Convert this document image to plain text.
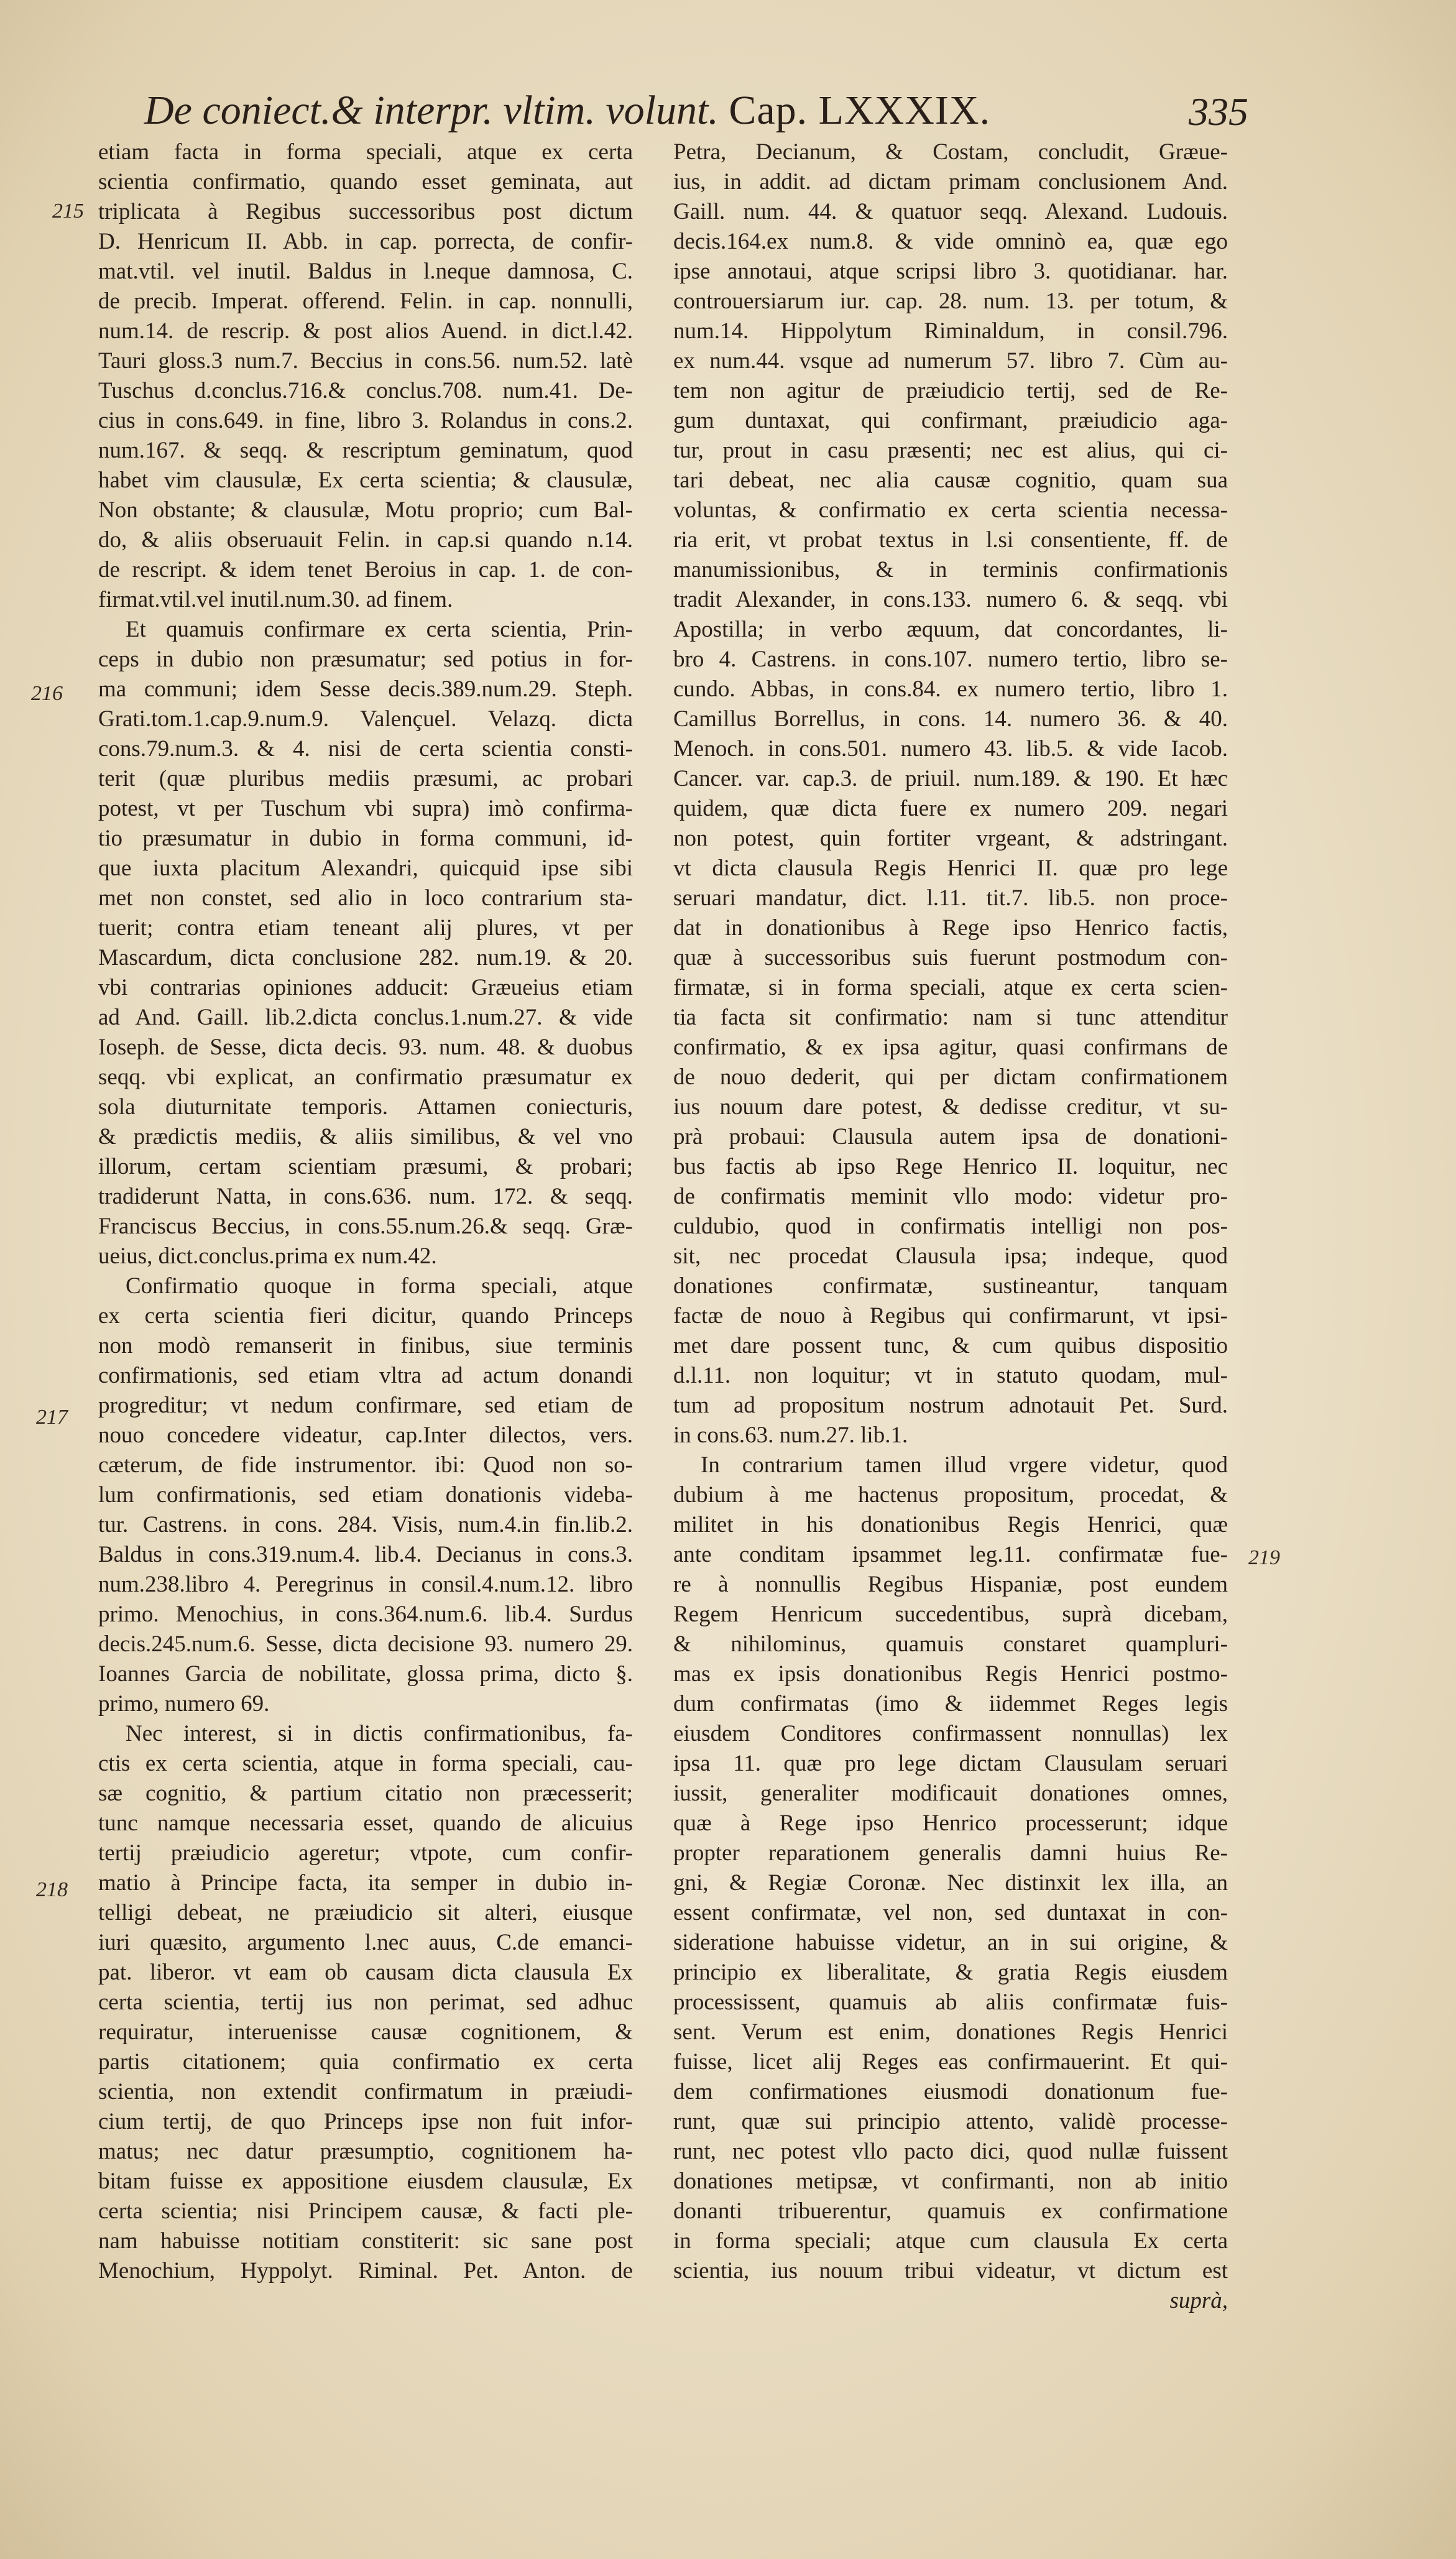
De coniect.& interpr. vltim. volunt. Cap. LXXXIX.	335
215
216
217
218
219
etiam facta in forma speciali, atque ex certa
scientia confirmatio, quando esset geminata, aut
triplicata à Regibus successoribus post dictum
D. Henricum II. Abb. in cap. porrecta, de confir-
mat.vtil. vel inutil. Baldus in l.neque damnosa, C.
de precib. Imperat. offerend. Felin. in cap. nonnulli,
num.14. de rescrip. & post alios Auend. in dict.l.42.
Tauri gloss.3 num.7. Beccius in cons.56. num.52. latè
Tuschus d.conclus.716.& conclus.708. num.41. De-
cius in cons.649. in fine, libro 3. Rolandus in cons.2.
num.167. & seqq. & rescriptum geminatum, quod
habet vim clausulæ, Ex certa scientia; & clausulæ,
Non obstante; & clausulæ, Motu proprio; cum Bal-
do, & aliis obseruauit Felin. in cap.si quando n.14.
de rescript. & idem tenet Beroius in cap. 1. de con-
firmat.vtil.vel inutil.num.30. ad finem.
Et quamuis confirmare ex certa scientia, Prin-
ceps in dubio non præsumatur; sed potius in for-
ma communi; idem Sesse decis.389.num.29. Steph.
Grati.tom.1.cap.9.num.9. Valençuel. Velazq. dicta
cons.79.num.3. & 4. nisi de certa scientia consti-
terit (quæ pluribus mediis præsumi, ac probari
potest, vt per Tuschum vbi supra) imò confirma-
tio præsumatur in dubio in forma communi, id-
que iuxta placitum Alexandri, quicquid ipse sibi
met non constet, sed alio in loco contrarium sta-
tuerit; contra etiam teneant alij plures, vt per
Mascardum, dicta conclusione 282. num.19. & 20.
vbi contrarias opiniones adducit: Græueius etiam
ad And. Gaill. lib.2.dicta conclus.1.num.27. & vide
Ioseph. de Sesse, dicta decis. 93. num. 48. & duobus
seqq. vbi explicat, an confirmatio præsumatur ex
sola diuturnitate temporis. Attamen coniecturis,
& prædictis mediis, & aliis similibus, & vel vno
illorum, certam scientiam præsumi, & probari;
tradiderunt Natta, in cons.636. num. 172. & seqq.
Franciscus Beccius, in cons.55.num.26.& seqq. Græ-
ueius, dict.conclus.prima ex num.42.
Confirmatio quoque in forma speciali, atque
ex certa scientia fieri dicitur, quando Princeps
non modò remanserit in finibus, siue terminis
confirmationis, sed etiam vltra ad actum donandi
progreditur; vt nedum confirmare, sed etiam de
nouo concedere videatur, cap.Inter dilectos, vers.
cæterum, de fide instrumentor. ibi: Quod non so-
lum confirmationis, sed etiam donationis videba-
tur. Castrens. in cons. 284. Visis, num.4.in fin.lib.2.
Baldus in cons.319.num.4. lib.4. Decianus in cons.3.
num.238.libro 4. Peregrinus in consil.4.num.12. libro
primo. Menochius, in cons.364.num.6. lib.4. Surdus
decis.245.num.6. Sesse, dicta decisione 93. numero 29.
Ioannes Garcia de nobilitate, glossa prima, dicto §.
primo, numero 69.
Nec interest, si in dictis confirmationibus, fa-
ctis ex certa scientia, atque in forma speciali, cau-
sæ cognitio, & partium citatio non præcesserit;
tunc namque necessaria esset, quando de alicuius
tertij præiudicio ageretur; vtpote, cum confir-
matio à Principe facta, ita semper in dubio in-
telligi debeat, ne præiudicio sit alteri, eiusque
iuri quæsito, argumento l.nec auus, C.de emanci-
pat. liberor. vt eam ob causam dicta clausula Ex
certa scientia, tertij ius non perimat, sed adhuc
requiratur, interuenisse causæ cognitionem, &
partis citationem; quia confirmatio ex certa
scientia, non extendit confirmatum in præiudi-
cium tertij, de quo Princeps ipse non fuit infor-
matus; nec datur præsumptio, cognitionem ha-
bitam fuisse ex appositione eiusdem clausulæ, Ex
certa scientia; nisi Principem causæ, & facti ple-
nam habuisse notitiam constiterit: sic sane post
Menochium, Hyppolyt. Riminal. Pet. Anton. de
Petra, Decianum, & Costam, concludit, Græue-
ius, in addit. ad dictam primam conclusionem And.
Gaill. num. 44. & quatuor seqq. Alexand. Ludouis.
decis.164.ex num.8. & vide omninò ea, quæ ego
ipse annotaui, atque scripsi libro 3. quotidianar. har.
controuersiarum iur. cap. 28. num. 13. per totum, &
num.14. Hippolytum Riminaldum, in consil.796.
ex num.44. vsque ad numerum 57. libro 7. Cùm au-
tem non agitur de præiudicio tertij, sed de Re-
gum duntaxat, qui confirmant, præiudicio aga-
tur, prout in casu præsenti; nec est alius, qui ci-
tari debeat, nec alia causæ cognitio, quam sua
voluntas, & confirmatio ex certa scientia necessa-
ria erit, vt probat textus in l.si consentiente, ff. de
manumissionibus, & in terminis confirmationis
tradit Alexander, in cons.133. numero 6. & seqq. vbi
Apostilla; in verbo æquum, dat concordantes, li-
bro 4. Castrens. in cons.107. numero tertio, libro se-
cundo. Abbas, in cons.84. ex numero tertio, libro 1.
Camillus Borrellus, in cons. 14. numero 36. & 40.
Menoch. in cons.501. numero 43. lib.5. & vide Iacob.
Cancer. var. cap.3. de priuil. num.189. & 190. Et hæc
quidem, quæ dicta fuere ex numero 209. negari
non potest, quin fortiter vrgeant, & adstringant.
vt dicta clausula Regis Henrici II. quæ pro lege
seruari mandatur, dict. l.11. tit.7. lib.5. non proce-
dat in donationibus à Rege ipso Henrico factis,
quæ à successoribus suis fuerunt postmodum con-
firmatæ, si in forma speciali, atque ex certa scien-
tia facta sit confirmatio: nam si tunc attenditur
confirmatio, & ex ipsa agitur, quasi confirmans de
de nouo dederit, qui per dictam confirmationem
ius nouum dare potest, & dedisse creditur, vt su-
prà probaui: Clausula autem ipsa de donationi-
bus factis ab ipso Rege Henrico II. loquitur, nec
de confirmatis meminit vllo modo: videtur pro-
culdubio, quod in confirmatis intelligi non pos-
sit, nec procedat Clausula ipsa; indeque, quod
donationes confirmatæ, sustineantur, tanquam
factæ de nouo à Regibus qui confirmarunt, vt ipsi-
met dare possent tunc, & cum quibus dispositio
d.l.11. non loquitur; vt in statuto quodam, mul-
tum ad propositum nostrum adnotauit Pet. Surd.
in cons.63. num.27. lib.1.
In contrarium tamen illud vrgere videtur, quod
dubium à me hactenus propositum, procedat, &
militet in his donationibus Regis Henrici, quæ
ante conditam ipsammet leg.11. confirmatæ fue-
re à nonnullis Regibus Hispaniæ, post eundem
Regem Henricum succedentibus, suprà dicebam,
& nihilominus, quamuis constaret quampluri-
mas ex ipsis donationibus Regis Henrici postmo-
dum confirmatas (imo & iidemmet Reges legis
eiusdem Conditores confirmassent nonnullas) lex
ipsa 11. quæ pro lege dictam Clausulam seruari
iussit, generaliter modificauit donationes omnes,
quæ à Rege ipso Henrico processerunt; idque
propter reparationem generalis damni huius Re-
gni, & Regiæ Coronæ. Nec distinxit lex illa, an
essent confirmatæ, vel non, sed duntaxat in con-
sideratione habuisse videtur, an in sui origine, &
principio ex liberalitate, & gratia Regis eiusdem
processissent, quamuis ab aliis confirmatæ fuis-
sent. Verum est enim, donationes Regis Henrici
fuisse, licet alij Reges eas confirmauerint. Et qui-
dem confirmationes eiusmodi donationum fue-
runt, quæ sui principio attento, validè processe-
runt, nec potest vllo pacto dici, quod nullæ fuissent
donationes metipsæ, vt confirmanti, non ab initio
donanti tribuerentur, quamuis ex confirmatione
in forma speciali; atque cum clausula Ex certa
scientia, ius nouum tribui videatur, vt dictum est
suprà,
